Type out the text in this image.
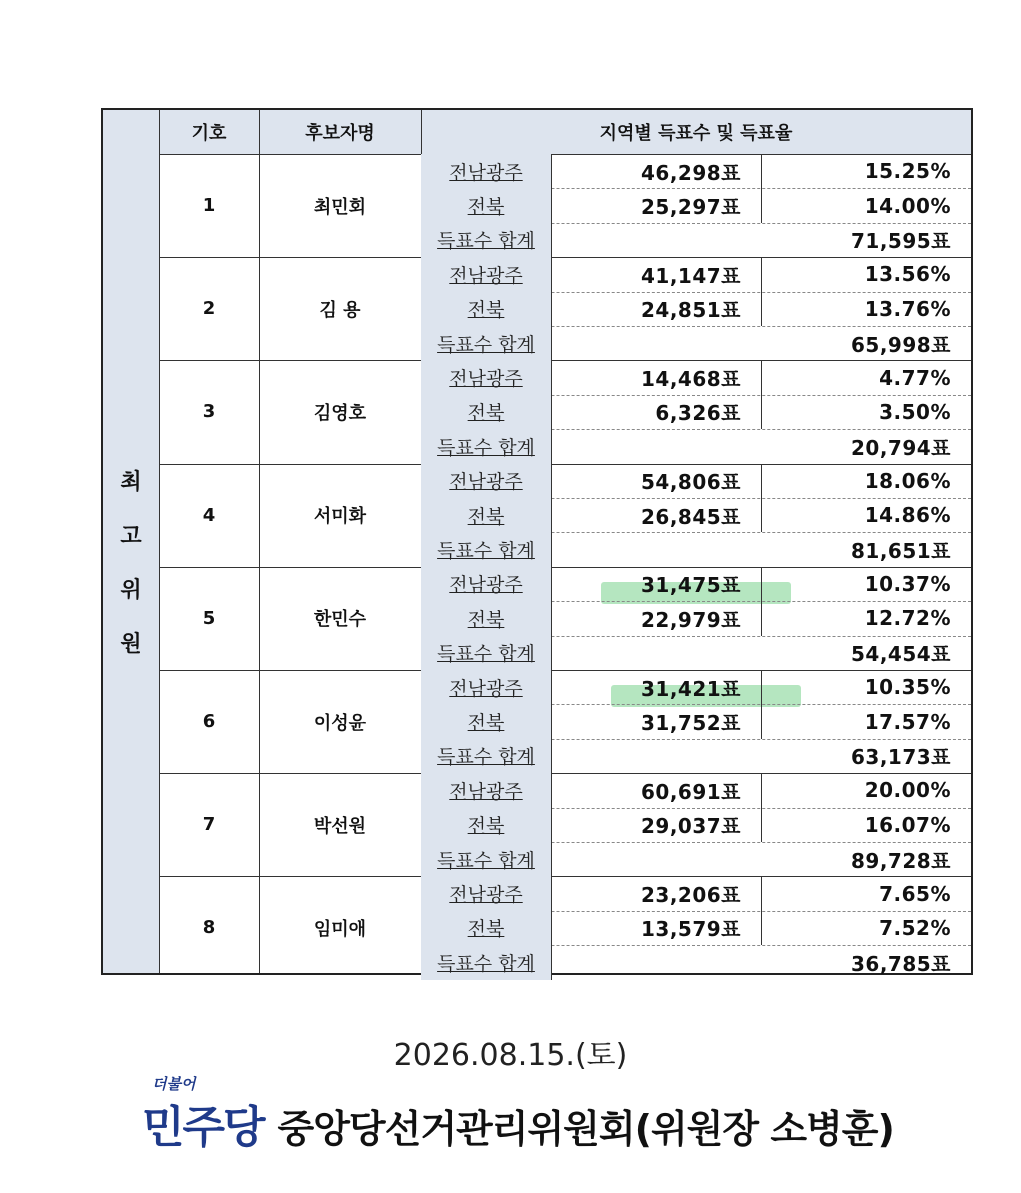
기호	후보자명	지역별 득표수 및 득표율
최
고
위
원
1	최민회
전남광주	46,298표	15.25%
전북	25,297표	14.00%
득표수 합계	71,595표
2	김 용
전남광주	41,147표	13.56%
전북	24,851표	13.76%
득표수 합계	65,998표
3	김영호
전남광주	14,468표	4.77%
전북	6,326표	3.50%
득표수 합계	20,794표
4	서미화
전남광주	54,806표	18.06%
전북	26,845표	14.86%
득표수 합계	81,651표
5	한민수
전남광주	31,475표	10.37%
전북	22,979표	12.72%
득표수 합계	54,454표
6	이성윤
전남광주	31,421표	10.35%
전북	31,752표	17.57%
득표수 합계	63,173표
7	박선원
전남광주	60,691표	20.00%
전북	29,037표	16.07%
득표수 합계	89,728표
8	임미애
전남광주	23,206표	7.65%
전북	13,579표	7.52%
득표수 합계	36,785표
2026.08.15.(토)
더불어
민주당 중앙당선거관리위원회(위원장 소병훈)
